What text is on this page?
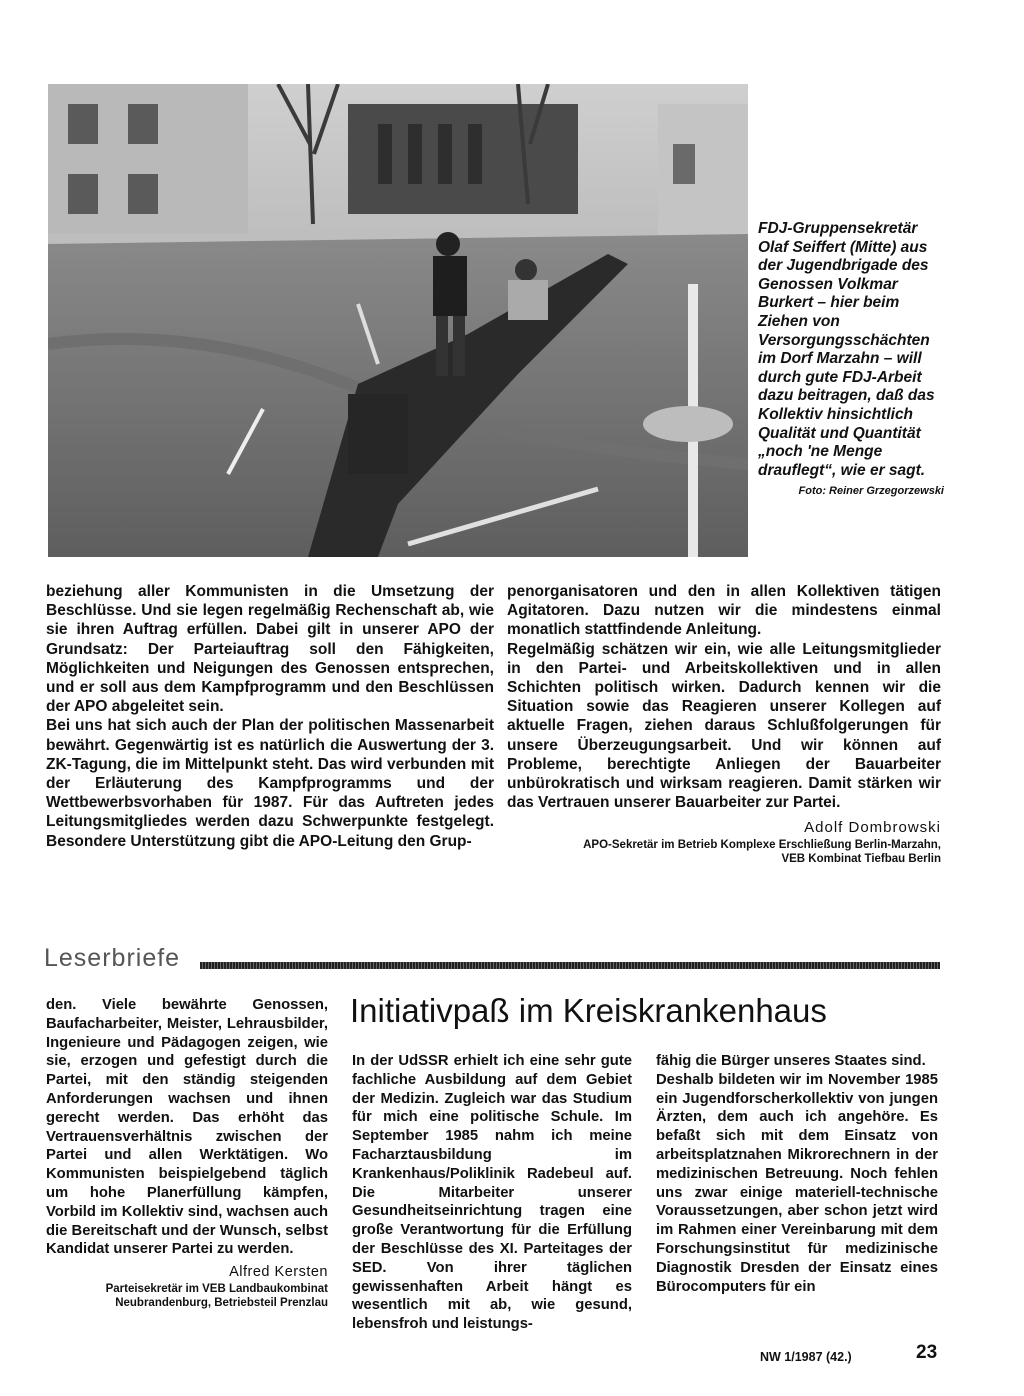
FDJ-Gruppensekretär Olaf Seiffert (Mitte) aus der Jugendbrigade des Genossen Volkmar Burkert – hier beim Ziehen von Versorgungsschächten im Dorf Marzahn – will durch gute FDJ-Arbeit dazu beitragen, daß das Kollektiv hinsichtlich Qualität und Quantität „noch 'ne Menge drauflegt“, wie er sagt.
Foto: Reiner Grzegorzewski

beziehung aller Kommunisten in die Umsetzung der Beschlüsse. Und sie legen regelmäßig Rechenschaft ab, wie sie ihren Auftrag erfüllen. Dabei gilt in unserer APO der Grundsatz: Der Parteiauftrag soll den Fähigkeiten, Möglichkeiten und Neigungen des Genossen entsprechen, und er soll aus dem Kampfprogramm und den Beschlüssen der APO abgeleitet sein.

Bei uns hat sich auch der Plan der politischen Massenarbeit bewährt. Gegenwärtig ist es natürlich die Auswertung der 3. ZK-Tagung, die im Mittelpunkt steht. Das wird verbunden mit der Erläuterung des Kampfprogramms und der Wettbewerbsvorhaben für 1987. Für das Auftreten jedes Leitungsmitgliedes werden dazu Schwerpunkte festgelegt. Besondere Unterstützung gibt die APO-Leitung den Grup-

penorganisatoren und den in allen Kollektiven tätigen Agitatoren. Dazu nutzen wir die mindestens einmal monatlich stattfindende Anleitung.

Regelmäßig schätzen wir ein, wie alle Leitungsmitglieder in den Partei- und Arbeitskollektiven und in allen Schichten politisch wirken. Dadurch kennen wir die Situation sowie das Reagieren unserer Kollegen auf aktuelle Fragen, ziehen daraus Schlußfolgerungen für unsere Überzeugungsarbeit. Und wir können auf Probleme, berechtigte Anliegen der Bauarbeiter unbürokratisch und wirksam reagieren. Damit stärken wir das Vertrauen unserer Bauarbeiter zur Partei.

Adolf Dombrowski
APO-Sekretär im Betrieb Komplexe Erschließung Berlin-Marzahn,
VEB Kombinat Tiefbau Berlin
Leserbriefe

den. Viele bewährte Genossen, Baufacharbeiter, Meister, Lehrausbilder, Ingenieure und Pädagogen zeigen, wie sie, erzogen und gefestigt durch die Partei, mit den ständig steigenden Anforderungen wachsen und ihnen gerecht werden. Das erhöht das Vertrauensverhältnis zwischen der Partei und allen Werktätigen. Wo Kommunisten beispielgebend täglich um hohe Planerfüllung kämpfen, Vorbild im Kollektiv sind, wachsen auch die Bereitschaft und der Wunsch, selbst Kandidat unserer Partei zu werden.

Alfred Kersten
Parteisekretär im VEB Landbaukombinat
Neubrandenburg, Betriebsteil Prenzlau
Initiativpaß im Kreiskrankenhaus

In der UdSSR erhielt ich eine sehr gute fachliche Ausbildung auf dem Gebiet der Medizin. Zugleich war das Studium für mich eine politische Schule. Im September 1985 nahm ich meine Facharztausbildung im Krankenhaus/Poliklinik Radebeul auf. Die Mitarbeiter unserer Gesundheitseinrichtung tragen eine große Verantwortung für die Erfüllung der Beschlüsse des XI. Parteitages der SED. Von ihrer täglichen gewissenhaften Arbeit hängt es wesentlich mit ab, wie gesund, lebensfroh und leistungs-

fähig die Bürger unseres Staates sind.

Deshalb bildeten wir im November 1985 ein Jugendforscherkollektiv von jungen Ärzten, dem auch ich angehöre. Es befaßt sich mit dem Einsatz von arbeitsplatznahen Mikrorechnern in der medizinischen Betreuung. Noch fehlen uns zwar einige materiell-technische Voraussetzungen, aber schon jetzt wird im Rahmen einer Vereinbarung mit dem Forschungsinstitut für medizinische Diagnostik Dresden der Einsatz eines Bürocomputers für ein

NW 1/1987 (42.)	23
